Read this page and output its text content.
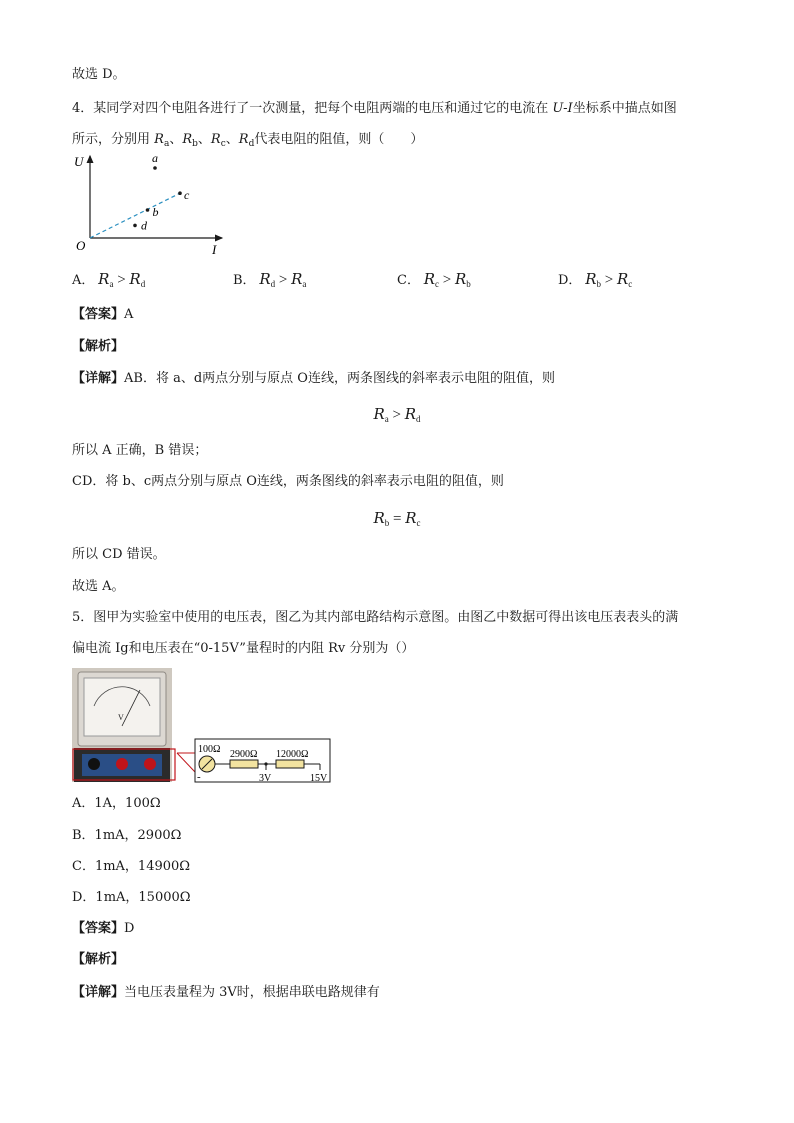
故选 D。
4．某同学对四个电阻各进行了一次测量，把每个电阻两端的电压和通过它的电流在 U-I坐标系中描点如图
所示，分别用 $R_a$、$R_b$、$R_c$、$R_d$代表电阻的阻值，则（　　）
U
I
O
a
c
b
d
A． $R_a > R_d$	B． $R_d > R_a$	C． $R_c > R_b$	D． $R_b > R_c$
【答案】A
【解析】
【详解】AB．将 a、d两点分别与原点 O连线，两条图线的斜率表示电阻的阻值，则
$R_a > R_d$
所以 A 正确，B 错误；
CD．将 b、c两点分别与原点 O连线，两条图线的斜率表示电阻的阻值，则
$R_b = R_c$
所以 CD 错误。
故选 A。
5．图甲为实验室中使用的电压表，图乙为其内部电路结构示意图。由图乙中数据可得出该电压表表头的满
偏电流 Ig和电压表在“0-15V”量程时的内阻 Rv 分别为（）
V
100Ω 2900Ω 12000Ω
-	3V	15V
A．1A，100Ω
B．1mA，2900Ω
C．1mA，14900Ω
D．1mA，15000Ω
【答案】D
【解析】
【详解】当电压表量程为 3V时，根据串联电路规律有
